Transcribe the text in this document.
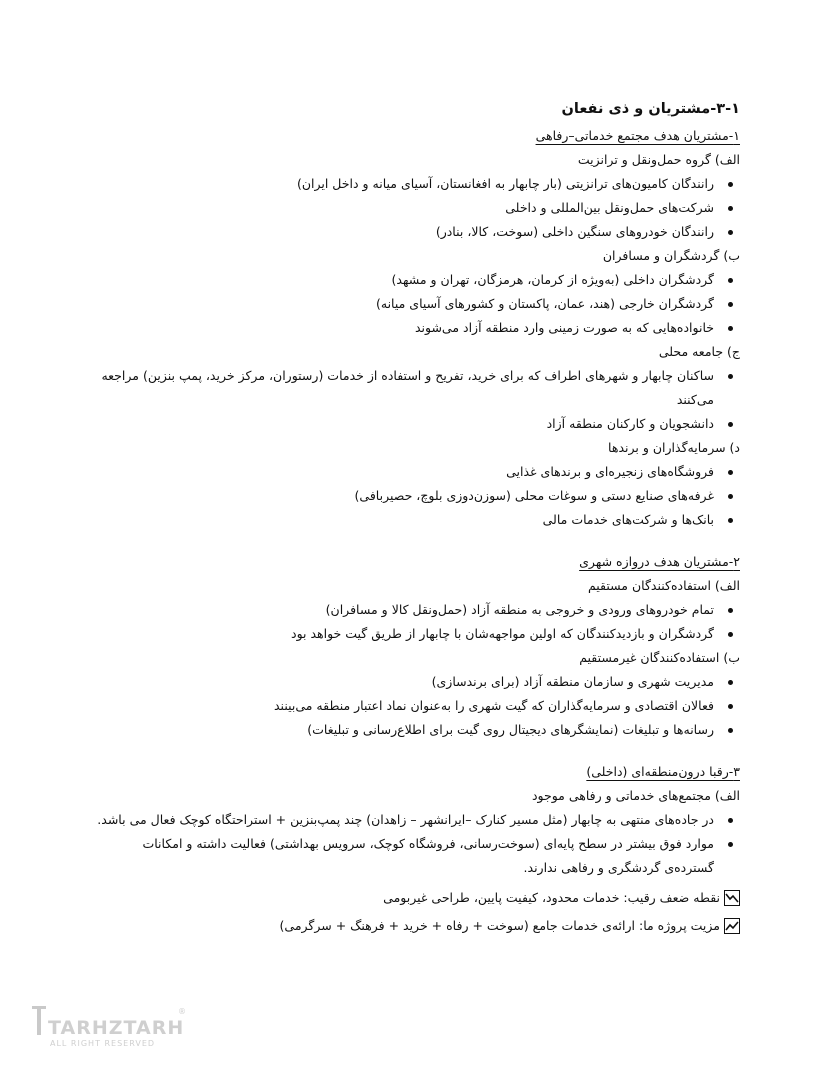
۳-۱-مشتریان و ذی نفعان

۱-مشتریان هدف مجتمع خدماتی–رفاهی

الف) گروه حمل‌ونقل و ترانزیت

رانندگان کامیون‌های ترانزیتی (بار چابهار به افغانستان، آسیای میانه و داخل ایران)
شرکت‌های حمل‌ونقل بین‌المللی و داخلی
رانندگان خودروهای سنگین داخلی (سوخت، کالا، بنادر)

ب) گردشگران و مسافران

گردشگران داخلی (به‌ویژه از کرمان، هرمزگان، تهران و مشهد)
گردشگران خارجی (هند، عمان، پاکستان و کشورهای آسیای میانه)
خانواده‌هایی که به صورت زمینی وارد منطقه آزاد می‌شوند

ج) جامعه محلی

ساکنان چابهار و شهرهای اطراف که برای خرید، تفریح و استفاده از خدمات (رستوران، مرکز خرید، پمپ بنزین) مراجعه می‌کنند
دانشجویان و کارکنان منطقه آزاد

د) سرمایه‌گذاران و برندها

فروشگاه‌های زنجیره‌ای و برندهای غذایی
غرفه‌های صنایع دستی و سوغات محلی (سوزن‌دوزی بلوچ، حصیربافی)
بانک‌ها و شرکت‌های خدمات مالی

۲-مشتریان هدف دروازه شهری

الف) استفاده‌کنندگان مستقیم

تمام خودروهای ورودی و خروجی به منطقه آزاد (حمل‌ونقل کالا و مسافران)
گردشگران و بازدیدکنندگان که اولین مواجهه‌شان با چابهار از طریق گیت خواهد بود

ب) استفاده‌کنندگان غیرمستقیم

مدیریت شهری و سازمان منطقه آزاد (برای برندسازی)
فعالان اقتصادی و سرمایه‌گذاران که گیت شهری را به‌عنوان نماد اعتبار منطقه می‌بینند
رسانه‌ها و تبلیغات (نمایشگرهای دیجیتال روی گیت برای اطلاع‌رسانی و تبلیغات)

۳-رقبا درون‌منطقه‌ای (داخلی)

الف) مجتمع‌های خدماتی و رفاهی موجود

در جاده‌های منتهی به چابهار (مثل مسیر کنارک –ایرانشهر – زاهدان) چند پمپ‌بنزین + استراحتگاه کوچک فعال می باشد.
موارد فوق بیشتر در سطح پایه‌ای (سوخت‌رسانی، فروشگاه کوچک، سرویس بهداشتی) فعالیت داشته و امکانات گسترده‌ی گردشگری و رفاهی ندارند.
نقطه ضعف رقیب: خدمات محدود، کیفیت پایین، طراحی غیربومی
مزیت پروژه ما: ارائه‌ی خدمات جامع (سوخت + رفاه + خرید + فرهنگ + سرگرمی)
TARHZTARH
®
ALL RIGHT RESERVED
